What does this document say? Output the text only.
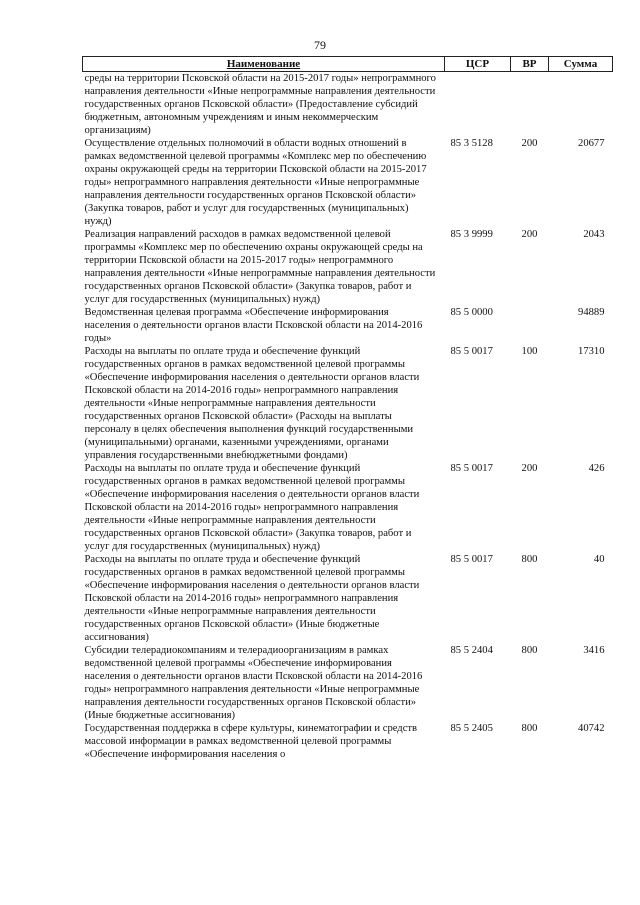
79
Наименование	ЦСР	ВР	Сумма
среды на территории Псковской области на 2015-2017 годы» непрограммного направления деятельности «Иные непрограммные направления деятельности государственных органов Псковской области» (Предоставление субсидий бюджетным, автономным учреждениям и иным некоммерческим организациям)			
Осуществление отдельных полномочий в области водных отношений в рамках ведомственной целевой программы «Комплекс мер по обеспечению охраны окружающей среды на территории Псковской области на 2015-2017 годы» непрограммного направления деятельности «Иные непрограммные направления деятельности государственных органов Псковской области» (Закупка товаров, работ и услуг для государственных (муниципальных) нужд)	85 3 5128	200	20677
Реализация направлений расходов в рамках ведомственной целевой программы «Комплекс мер по обеспечению охраны окружающей среды на территории Псковской области на 2015-2017 годы» непрограммного направления деятельности «Иные непрограммные направления деятельности государственных органов Псковской области» (Закупка товаров, работ и услуг для государственных (муниципальных) нужд)	85 3 9999	200	2043
Ведомственная целевая программа «Обеспечение информирования населения о деятельности органов власти Псковской области на 2014-2016 годы»	85 5 0000		94889
Расходы на выплаты по оплате труда и обеспечение функций государственных органов в рамках ведомственной целевой программы «Обеспечение информирования населения о деятельности органов власти Псковской области на 2014-2016 годы» непрограммного направления деятельности «Иные непрограммные направления деятельности государственных органов Псковской области» (Расходы на выплаты персоналу в целях обеспечения выполнения функций государственными (муниципальными) органами, казенными учреждениями, органами управления государственными внебюджетными фондами)	85 5 0017	100	17310
Расходы на выплаты по оплате труда и обеспечение функций государственных органов в рамках ведомственной целевой программы «Обеспечение информирования населения о деятельности органов власти Псковской области на 2014-2016 годы» непрограммного направления деятельности «Иные непрограммные направления деятельности государственных органов Псковской области» (Закупка товаров, работ и услуг для государственных (муниципальных) нужд)	85 5 0017	200	426
Расходы на выплаты по оплате труда и обеспечение функций государственных органов в рамках ведомственной целевой программы «Обеспечение информирования населения о деятельности органов власти Псковской области на 2014-2016 годы» непрограммного направления деятельности «Иные непрограммные направления деятельности государственных органов Псковской области» (Иные бюджетные ассигнования)	85 5 0017	800	40
Субсидии телерадиокомпаниям и телерадиоорганизациям в рамках ведомственной целевой программы «Обеспечение информирования населения о деятельности органов власти Псковской области на 2014-2016 годы» непрограммного направления деятельности «Иные непрограммные направления деятельности государственных органов Псковской области» (Иные бюджетные ассигнования)	85 5 2404	800	3416
Государственная поддержка в сфере культуры, кинематографии и средств массовой информации в рамках ведомственной целевой программы «Обеспечение информирования населения о	85 5 2405	800	40742
